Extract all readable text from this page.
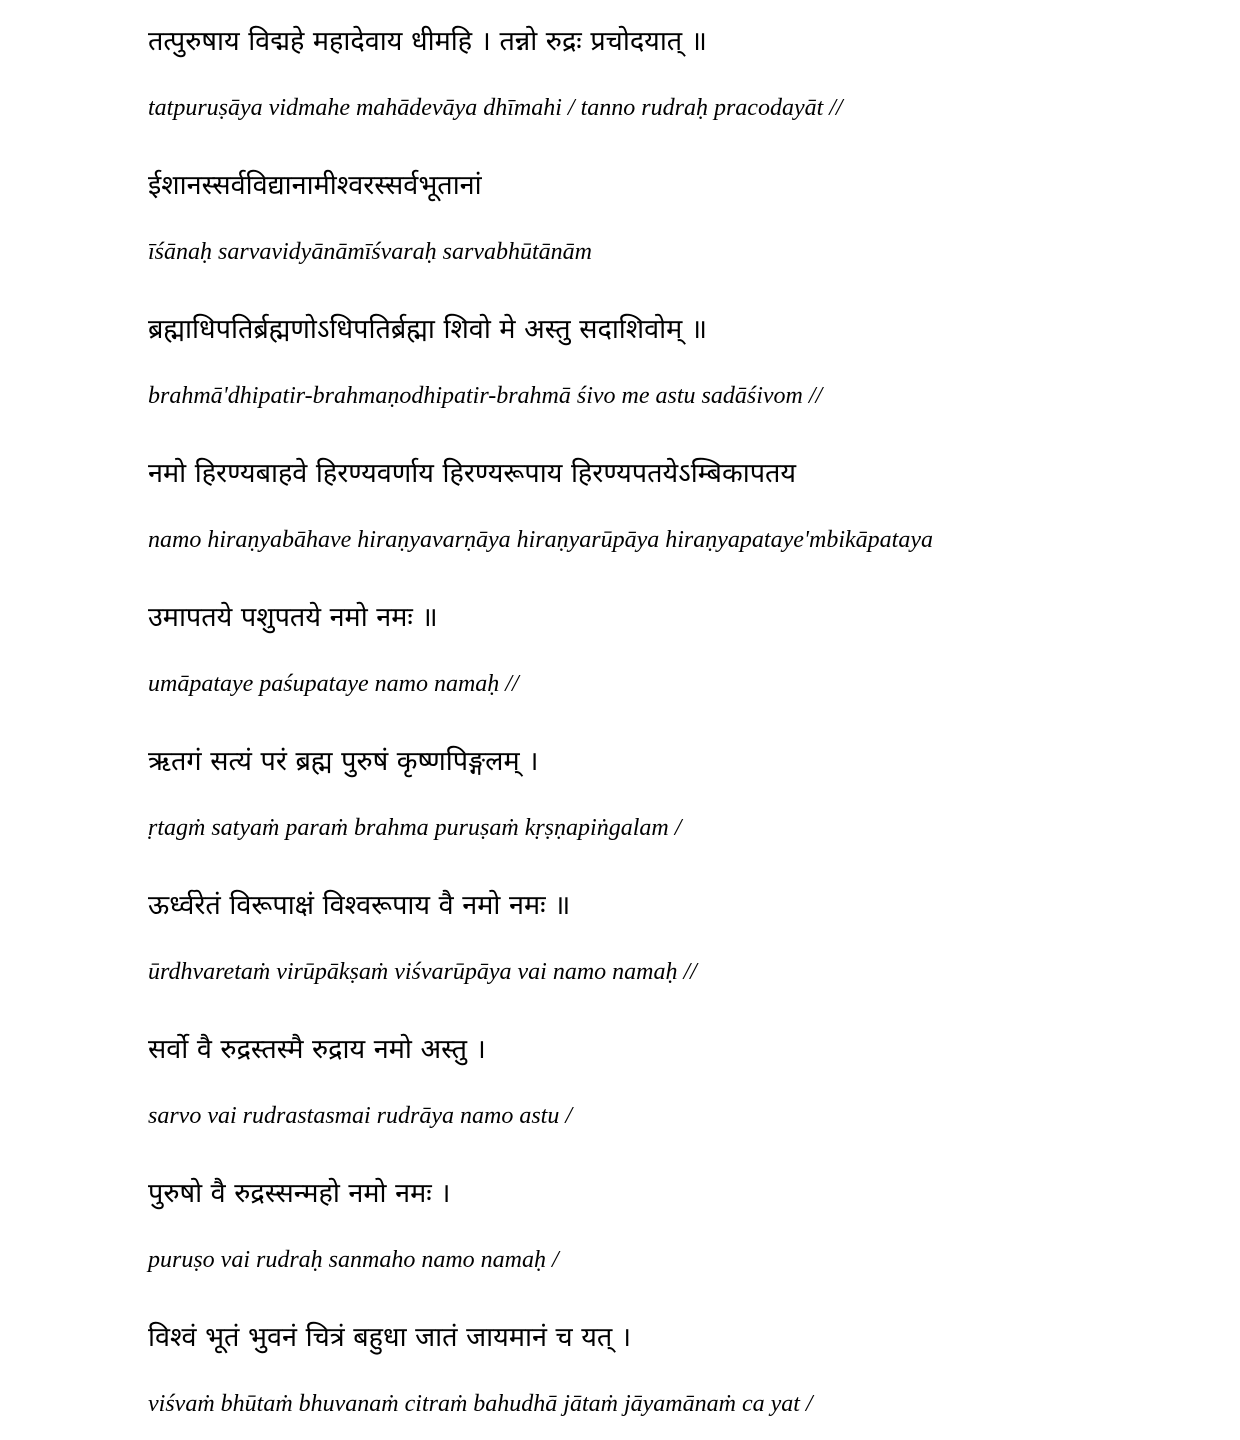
तत्पुरुषाय विद्महे महादेवाय धीमहि । तन्नो रुद्रः प्रचोदयात् ॥
tatpuruṣāya vidmahe mahādevāya dhīmahi / tanno rudraḥ pracodayāt //
ईशानस्सर्वविद्यानामीश्वरस्सर्वभूतानां
īśānaḥ sarvavidyānāmīśvaraḥ sarvabhūtānām
ब्रह्माधिपतिर्ब्रह्मणोऽधिपतिर्ब्रह्मा शिवो मे अस्तु सदाशिवोम् ॥
brahmā'dhipatir-brahmaṇodhipatir-brahmā śivo me astu sadāśivom //
नमो हिरण्यबाहवे हिरण्यवर्णाय हिरण्यरूपाय हिरण्यपतयेऽम्बिकापतय
namo hiraṇyabāhave hiraṇyavarṇāya hiraṇyarūpāya hiraṇyapataye'mbikāpataya
उमापतये पशुपतये नमो नमः ॥
umāpataye paśupataye namo namaḥ //
ऋतगं सत्यं परं ब्रह्म पुरुषं कृष्णपिङ्गलम् ।
ṛtagṁ satyaṁ paraṁ brahma puruṣaṁ kṛṣṇapiṅgalam /
ऊर्ध्वरेतं विरूपाक्षं विश्वरूपाय वै नमो नमः ॥
ūrdhvaretaṁ virūpākṣaṁ viśvarūpāya vai namo namaḥ //
सर्वो वै रुद्रस्तस्मै रुद्राय नमो अस्तु ।
sarvo vai rudrastasmai rudrāya namo astu /
पुरुषो वै रुद्रस्सन्महो नमो नमः ।
puruṣo vai rudraḥ sanmaho namo namaḥ /
विश्वं भूतं भुवनं चित्रं बहुधा जातं जायमानं च यत् ।
viśvaṁ bhūtaṁ bhuvanaṁ citraṁ bahudhā jātaṁ jāyamānaṁ ca yat /
